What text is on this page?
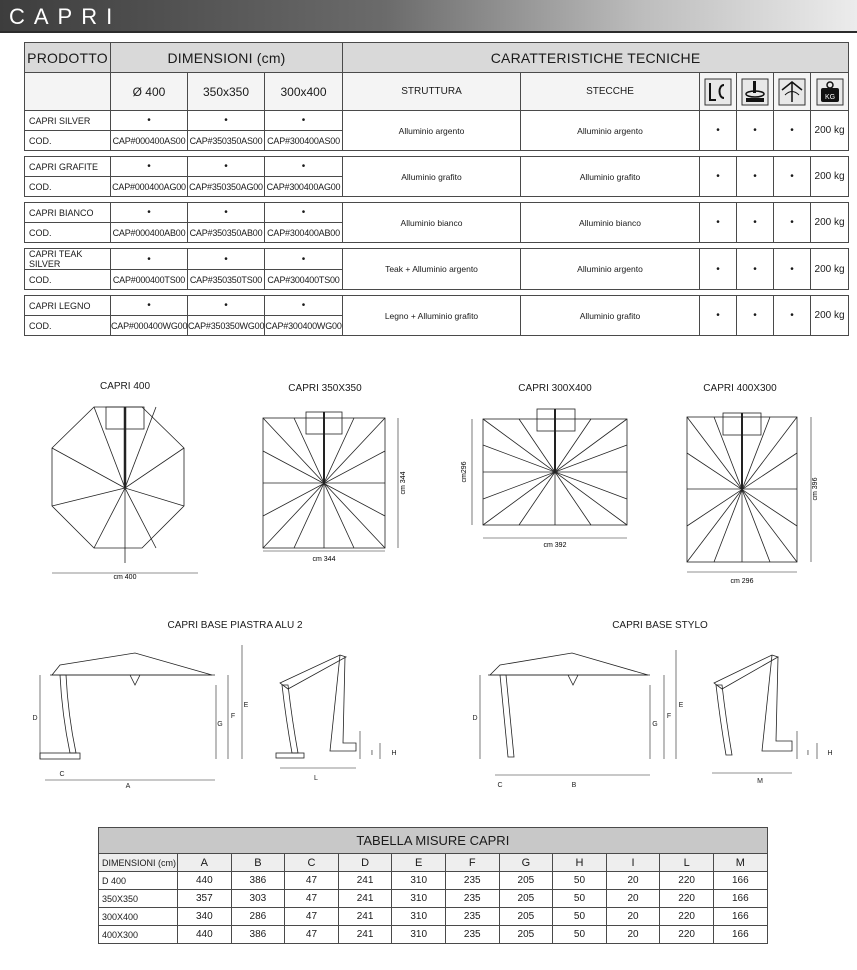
CAPRI
PRODOTTO	DIMENSIONI (cm)			CARATTERISTICHE TECNICHE					
	Ø 400	350x350	300x400	STRUTTURA	STECCHE				KG

CAPRI SILVER	•	•	•	Alluminio argento	Alluminio argento	•	•	•	200 kg
COD.	CAP#000400AS00	CAP#350350AS00	CAP#300400AS00						

CAPRI GRAFITE	•	•	•	Alluminio grafito	Alluminio grafito	•	•	•	200 kg
COD.	CAP#000400AG00	CAP#350350AG00	CAP#300400AG00						

CAPRI BIANCO	•	•	•	Alluminio bianco	Alluminio bianco	•	•	•	200 kg
COD.	CAP#000400AB00	CAP#350350AB00	CAP#300400AB00						

CAPRI TEAK SILVER	•	•	•	Teak + Alluminio argento	Alluminio argento	•	•	•	200 kg
COD.	CAP#000400TS00	CAP#350350TS00	CAP#300400TS00						

CAPRI LEGNO	•	•	•	Legno + Alluminio grafito	Alluminio grafito	•	•	•	200 kg
COD.	CAP#000400WG00	CAP#350350WG00	CAP#300400WG00						
CAPRI 400	CAPRI 350X350	CAPRI 300X400	CAPRI 400X300
cm 400
cm 344
cm 344
cm 392
cm296
cm 296
cm 396
CAPRI BASE PIASTRA ALU 2	CAPRI BASE STYLO
A
C
D
E
F
G
L
H
I
B
C
D
E
F
G
M
H
I
TABELLA MISURE CAPRI											
DIMENSIONI (cm)	A	B	C	D	E	F	G	H	I	L	M
D 400	440	386	47	241	310	235	205	50	20	220	166
350X350	357	303	47	241	310	235	205	50	20	220	166
300X400	340	286	47	241	310	235	205	50	20	220	166
400X300	440	386	47	241	310	235	205	50	20	220	166
